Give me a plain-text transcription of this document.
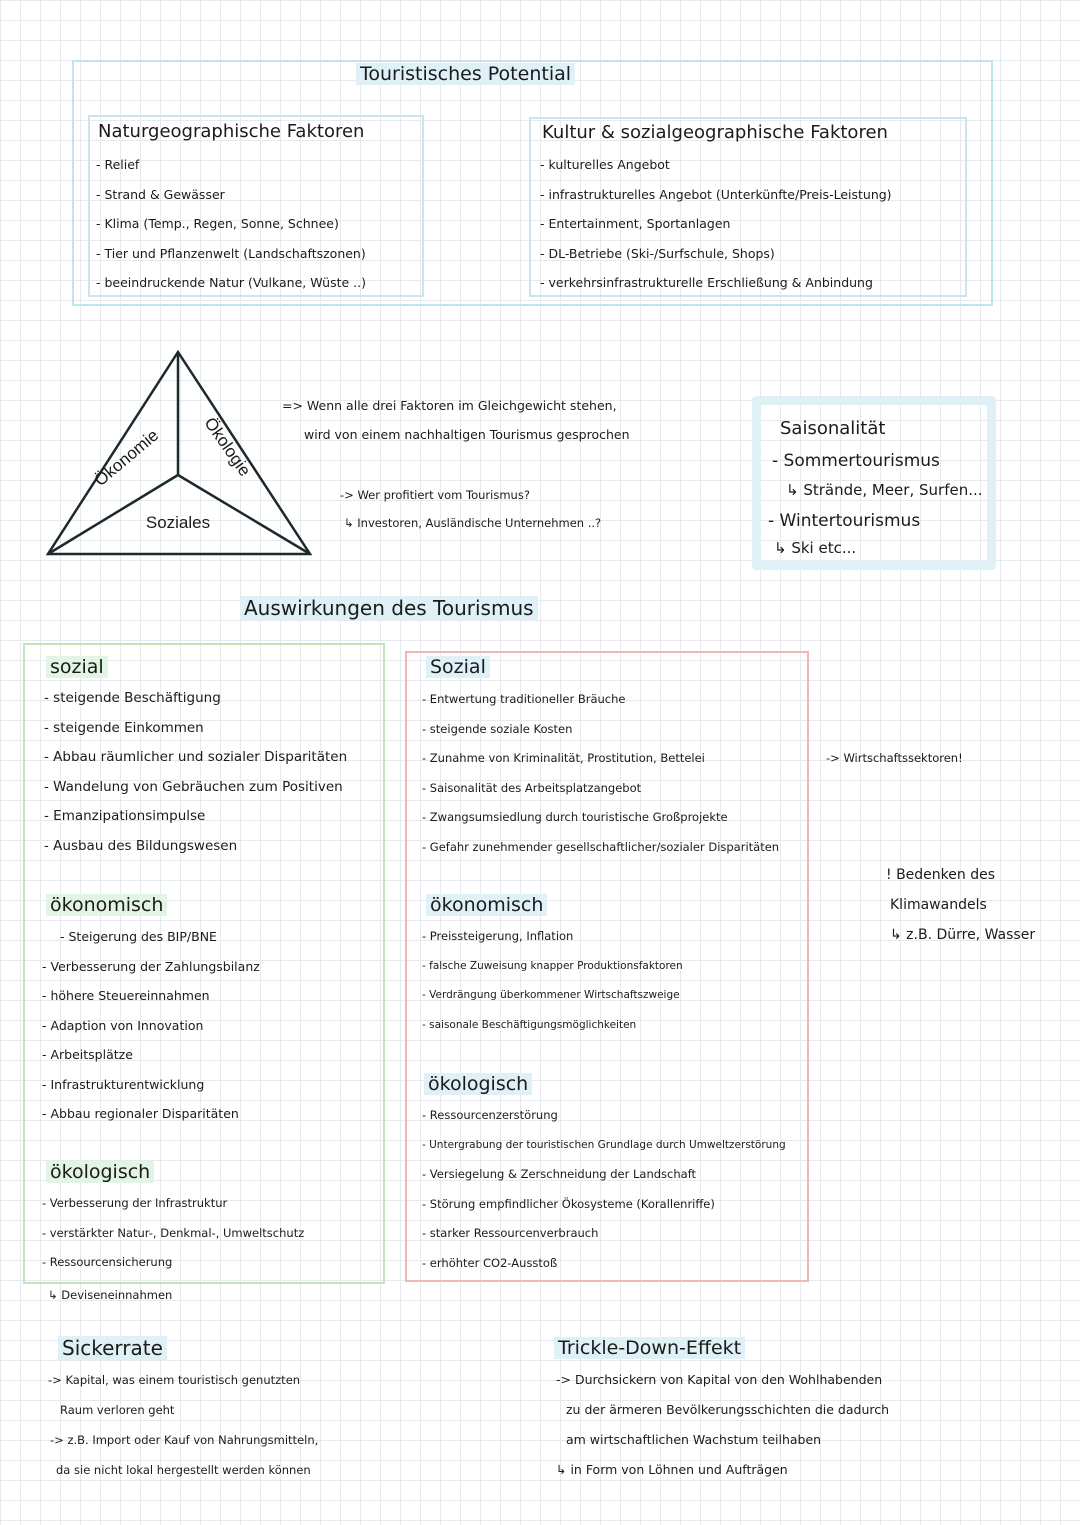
Touristisches Potential
Naturgeographische Faktoren
- Relief
- Strand & Gewässer
- Klima (Temp., Regen, Sonne, Schnee)
- Tier und Pflanzenwelt (Landschaftszonen)
- beeindruckende Natur (Vulkane, Wüste ..)
Kultur & sozialgeographische Faktoren
- kulturelles Angebot
- infrastrukturelles Angebot (Unterkünfte/Preis-Leistung)
- Entertainment, Sportanlagen
- DL-Betriebe (Ski-/Surfschule, Shops)
- verkehrsinfrastrukturelle Erschließung & Anbindung
Ökonomie Ökologie
Soziales
=> Wenn alle drei Faktoren im Gleichgewicht stehen,
wird von einem nachhaltigen Tourismus gesprochen
-> Wer profitiert vom Tourismus?
↳ Investoren, Ausländische Unternehmen ..?
Saisonalität
- Sommertourismus
↳ Strände, Meer, Surfen...
- Wintertourismus
↳ Ski etc...
Auswirkungen des Tourismus
sozial
- steigende Beschäftigung
- steigende Einkommen
- Abbau räumlicher und sozialer Disparitäten
- Wandelung von Gebräuchen zum Positiven
- Emanzipationsimpulse
- Ausbau des Bildungswesen
ökonomisch
- Steigerung des BIP/BNE
- Verbesserung der Zahlungsbilanz
- höhere Steuereinnahmen
- Adaption von Innovation
- Arbeitsplätze
- Infrastrukturentwicklung
- Abbau regionaler Disparitäten
ökologisch
- Verbesserung der Infrastruktur
- verstärkter Natur-, Denkmal-, Umweltschutz
- Ressourcensicherung
↳ Deviseneinnahmen
Sozial
- Entwertung traditioneller Bräuche
- steigende soziale Kosten
- Zunahme von Kriminalität, Prostitution, Bettelei
- Saisonalität des Arbeitsplatzangebot
- Zwangsumsiedlung durch touristische Großprojekte
- Gefahr zunehmender gesellschaftlicher/sozialer Disparitäten
ökonomisch
- Preissteigerung, Inflation
- falsche Zuweisung knapper Produktionsfaktoren
- Verdrängung überkommener Wirtschaftszweige
- saisonale Beschäftigungsmöglichkeiten
ökologisch
- Ressourcenzerstörung
- Untergrabung der touristischen Grundlage durch Umweltzerstörung
- Versiegelung & Zerschneidung der Landschaft
- Störung empfindlicher Ökosysteme (Korallenriffe)
- starker Ressourcenverbrauch
- erhöhter CO2-Ausstoß
-> Wirtschaftssektoren!
! Bedenken des
Klimawandels
↳ z.B. Dürre, Wasser
Sickerrate
-> Kapital, was einem touristisch genutzten
Raum verloren geht
-> z.B. Import oder Kauf von Nahrungsmitteln,
da sie nicht lokal hergestellt werden können
Trickle-Down-Effekt
-> Durchsickern von Kapital von den Wohlhabenden
zu der ärmeren Bevölkerungsschichten die dadurch
am wirtschaftlichen Wachstum teilhaben
↳ in Form von Löhnen und Aufträgen
